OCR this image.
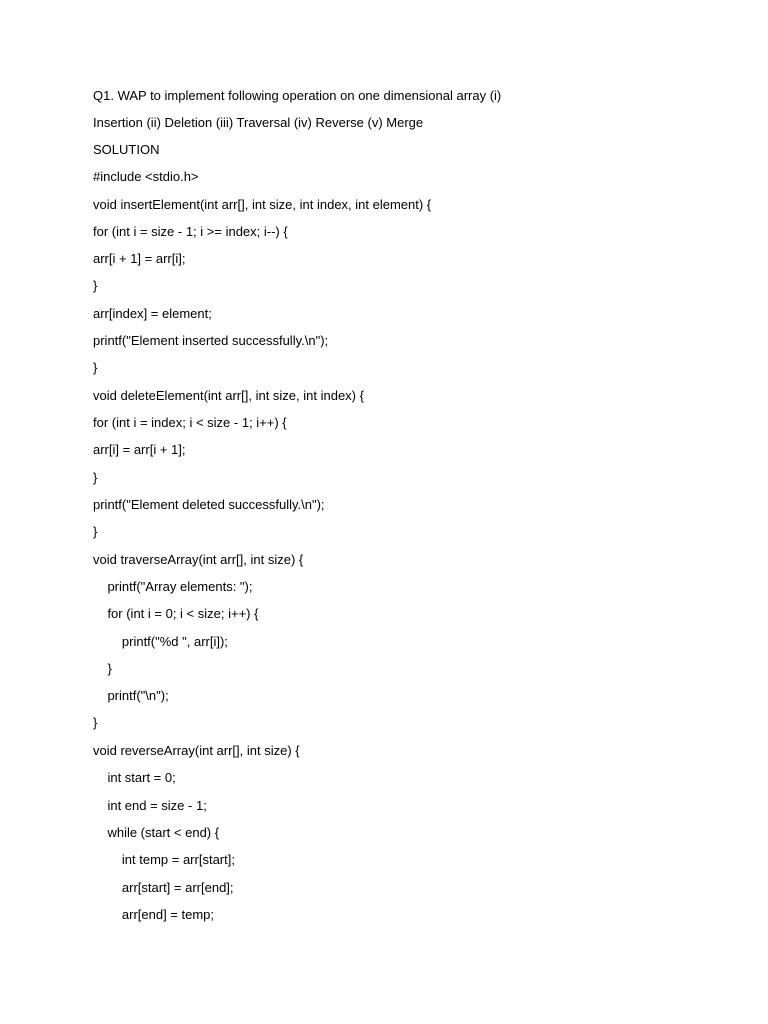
Q1. WAP to implement following operation on one dimensional array (i)
Insertion (ii) Deletion (iii) Traversal (iv) Reverse (v) Merge
SOLUTION
#include <stdio.h>
void insertElement(int arr[], int size, int index, int element) {
for (int i = size - 1; i >= index; i--) {
arr[i + 1] = arr[i];
}
arr[index] = element;
printf("Element inserted successfully.\n");
}
void deleteElement(int arr[], int size, int index) {
for (int i = index; i < size - 1; i++) {
arr[i] = arr[i + 1];
}
printf("Element deleted successfully.\n");
}
void traverseArray(int arr[], int size) {
printf("Array elements: ");
for (int i = 0; i < size; i++) {
printf("%d ", arr[i]);
}
printf("\n");
}
void reverseArray(int arr[], int size) {
int start = 0;
int end = size - 1;
while (start < end) {
int temp = arr[start];
arr[start] = arr[end];
arr[end] = temp;
